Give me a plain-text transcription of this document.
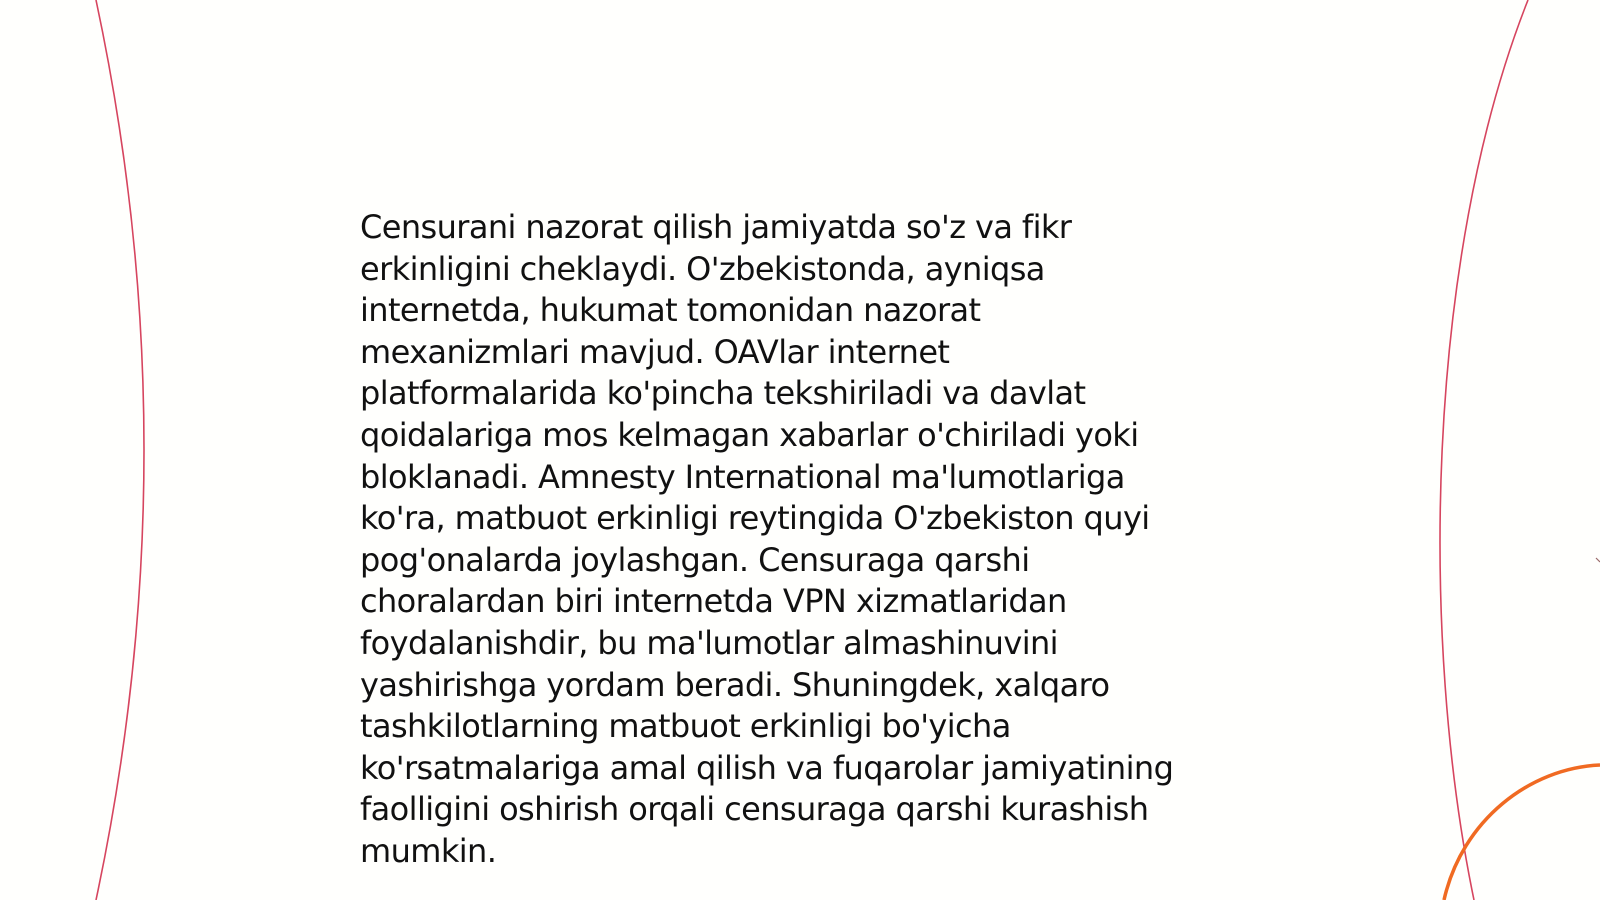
Censurani nazorat qilish jamiyatda so'z va fikr
erkinligini cheklaydi. O'zbekistonda, ayniqsa
internetda, hukumat tomonidan nazorat
mexanizmlari mavjud. OAVlar internet
platformalarida ko'pincha tekshiriladi va davlat
qoidalariga mos kelmagan xabarlar o'chiriladi yoki
bloklanadi. Amnesty International ma'lumotlariga
ko'ra, matbuot erkinligi reytingida O'zbekiston quyi
pog'onalarda joylashgan. Censuraga qarshi
choralardan biri internetda VPN xizmatlaridan
foydalanishdir, bu ma'lumotlar almashinuvini
yashirishga yordam beradi. Shuningdek, xalqaro
tashkilotlarning matbuot erkinligi bo'yicha
ko'rsatmalariga amal qilish va fuqarolar jamiyatining
faolligini oshirish orqali censuraga qarshi kurashish
mumkin.
